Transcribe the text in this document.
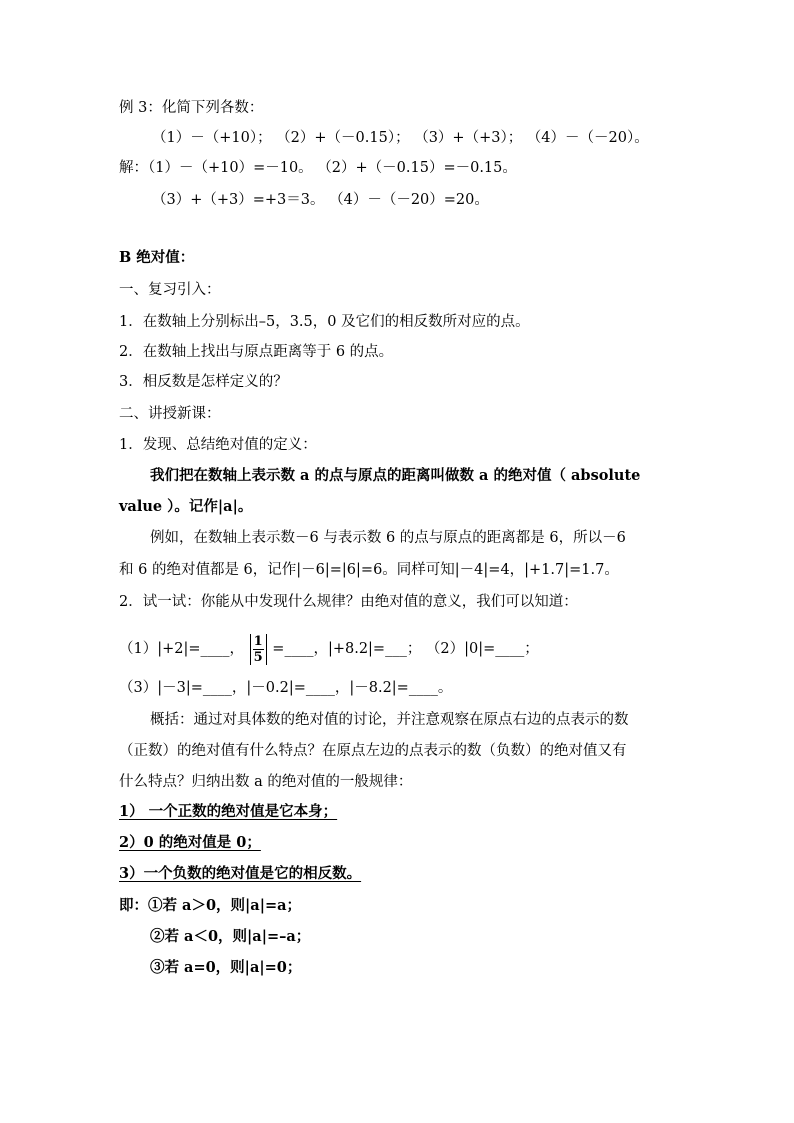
例 3：化简下列各数：
（1）－（+10）； （2）+（－0.15）； （3）+（+3）； （4）－（－20）。
解：（1）－（+10）=－10。 （2）+（－0.15）=－0.15。
（3）+（+3）=+3＝3。 （4）－（－20）=20。
B 绝对值：
一、复习引入：
1．在数轴上分别标出–5，3.5，0 及它们的相反数所对应的点。
2．在数轴上找出与原点距离等于 6 的点。
3．相反数是怎样定义的？
二、讲授新课：
1．发现、总结绝对值的定义：
我们把在数轴上表示数 a 的点与原点的距离叫做数 a 的绝对值（ absolute
value ）。记作|a|。
例如，在数轴上表示数－6 与表示数 6 的点与原点的距离都是 6，所以－6
和 6 的绝对值都是 6，记作|－6|=|6|=6。同样可知|－4|=4，|+1.7|=1.7。
2．试一试：你能从中发现什么规律？由绝对值的意义，我们可以知道：
（1）|+2|=____， $\frac{1}{5}$ =____，|+8.2|=___； （2）|0|=____；
（3）|－3|=____，|－0.2|=____，|－8.2|=____。
概括：通过对具体数的绝对值的讨论，并注意观察在原点右边的点表示的数
（正数）的绝对值有什么特点？在原点左边的点表示的数（负数）的绝对值又有
什么特点？归纳出数 a 的绝对值的一般规律：
1） 一个正数的绝对值是它本身；
2）0 的绝对值是 0；
3）一个负数的绝对值是它的相反数。
即：①若 a＞0，则|a|=a；
②若 a＜0，则|a|=–a；
③若 a=0，则|a|=0；
